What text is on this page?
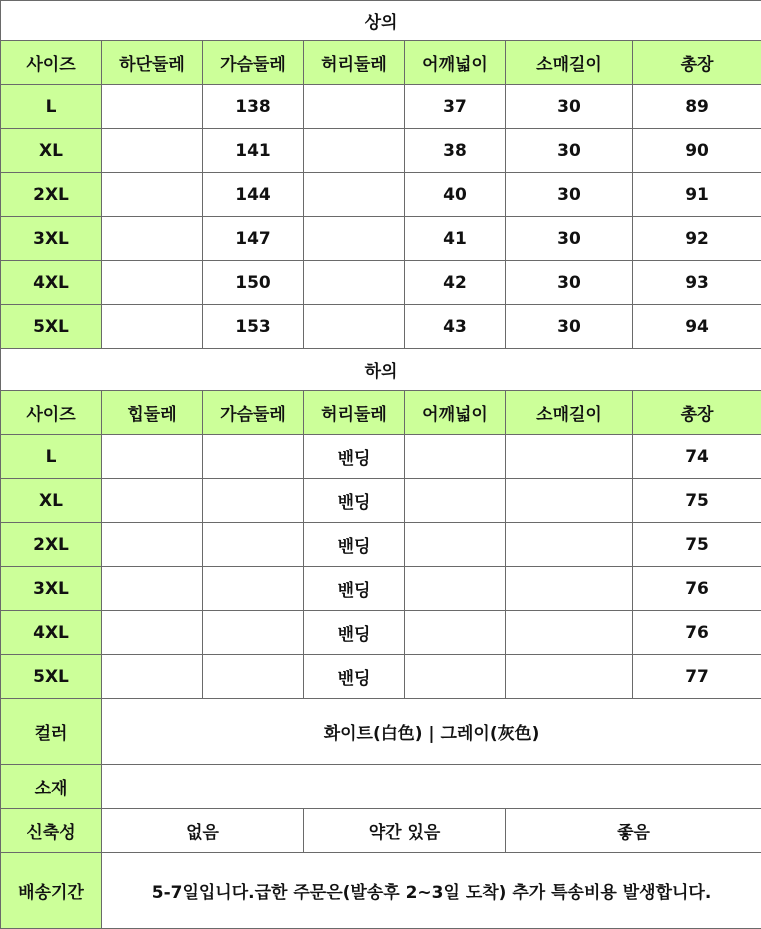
상의						
사이즈	하단둘레	가슴둘레	허리둘레	어깨넓이	소매길이	총장
L		138		37	30	89
XL		141		38	30	90
2XL		144		40	30	91
3XL		147		41	30	92
4XL		150		42	30	93
5XL		153		43	30	94
하의						
사이즈	힙둘레	가슴둘레	허리둘레	어깨넓이	소매길이	총장
L			밴딩			74
XL			밴딩			75
2XL			밴딩			75
3XL			밴딩			76
4XL			밴딩			76
5XL			밴딩			77
컬러	화이트(白色) | 그레이(灰色)					
소재						
신축성	없음		약간 있음		좋음	
배송기간	5-7일입니다.급한 주문은(발송후 2~3일 도착) 추가 특송비용 발생합니다.					
